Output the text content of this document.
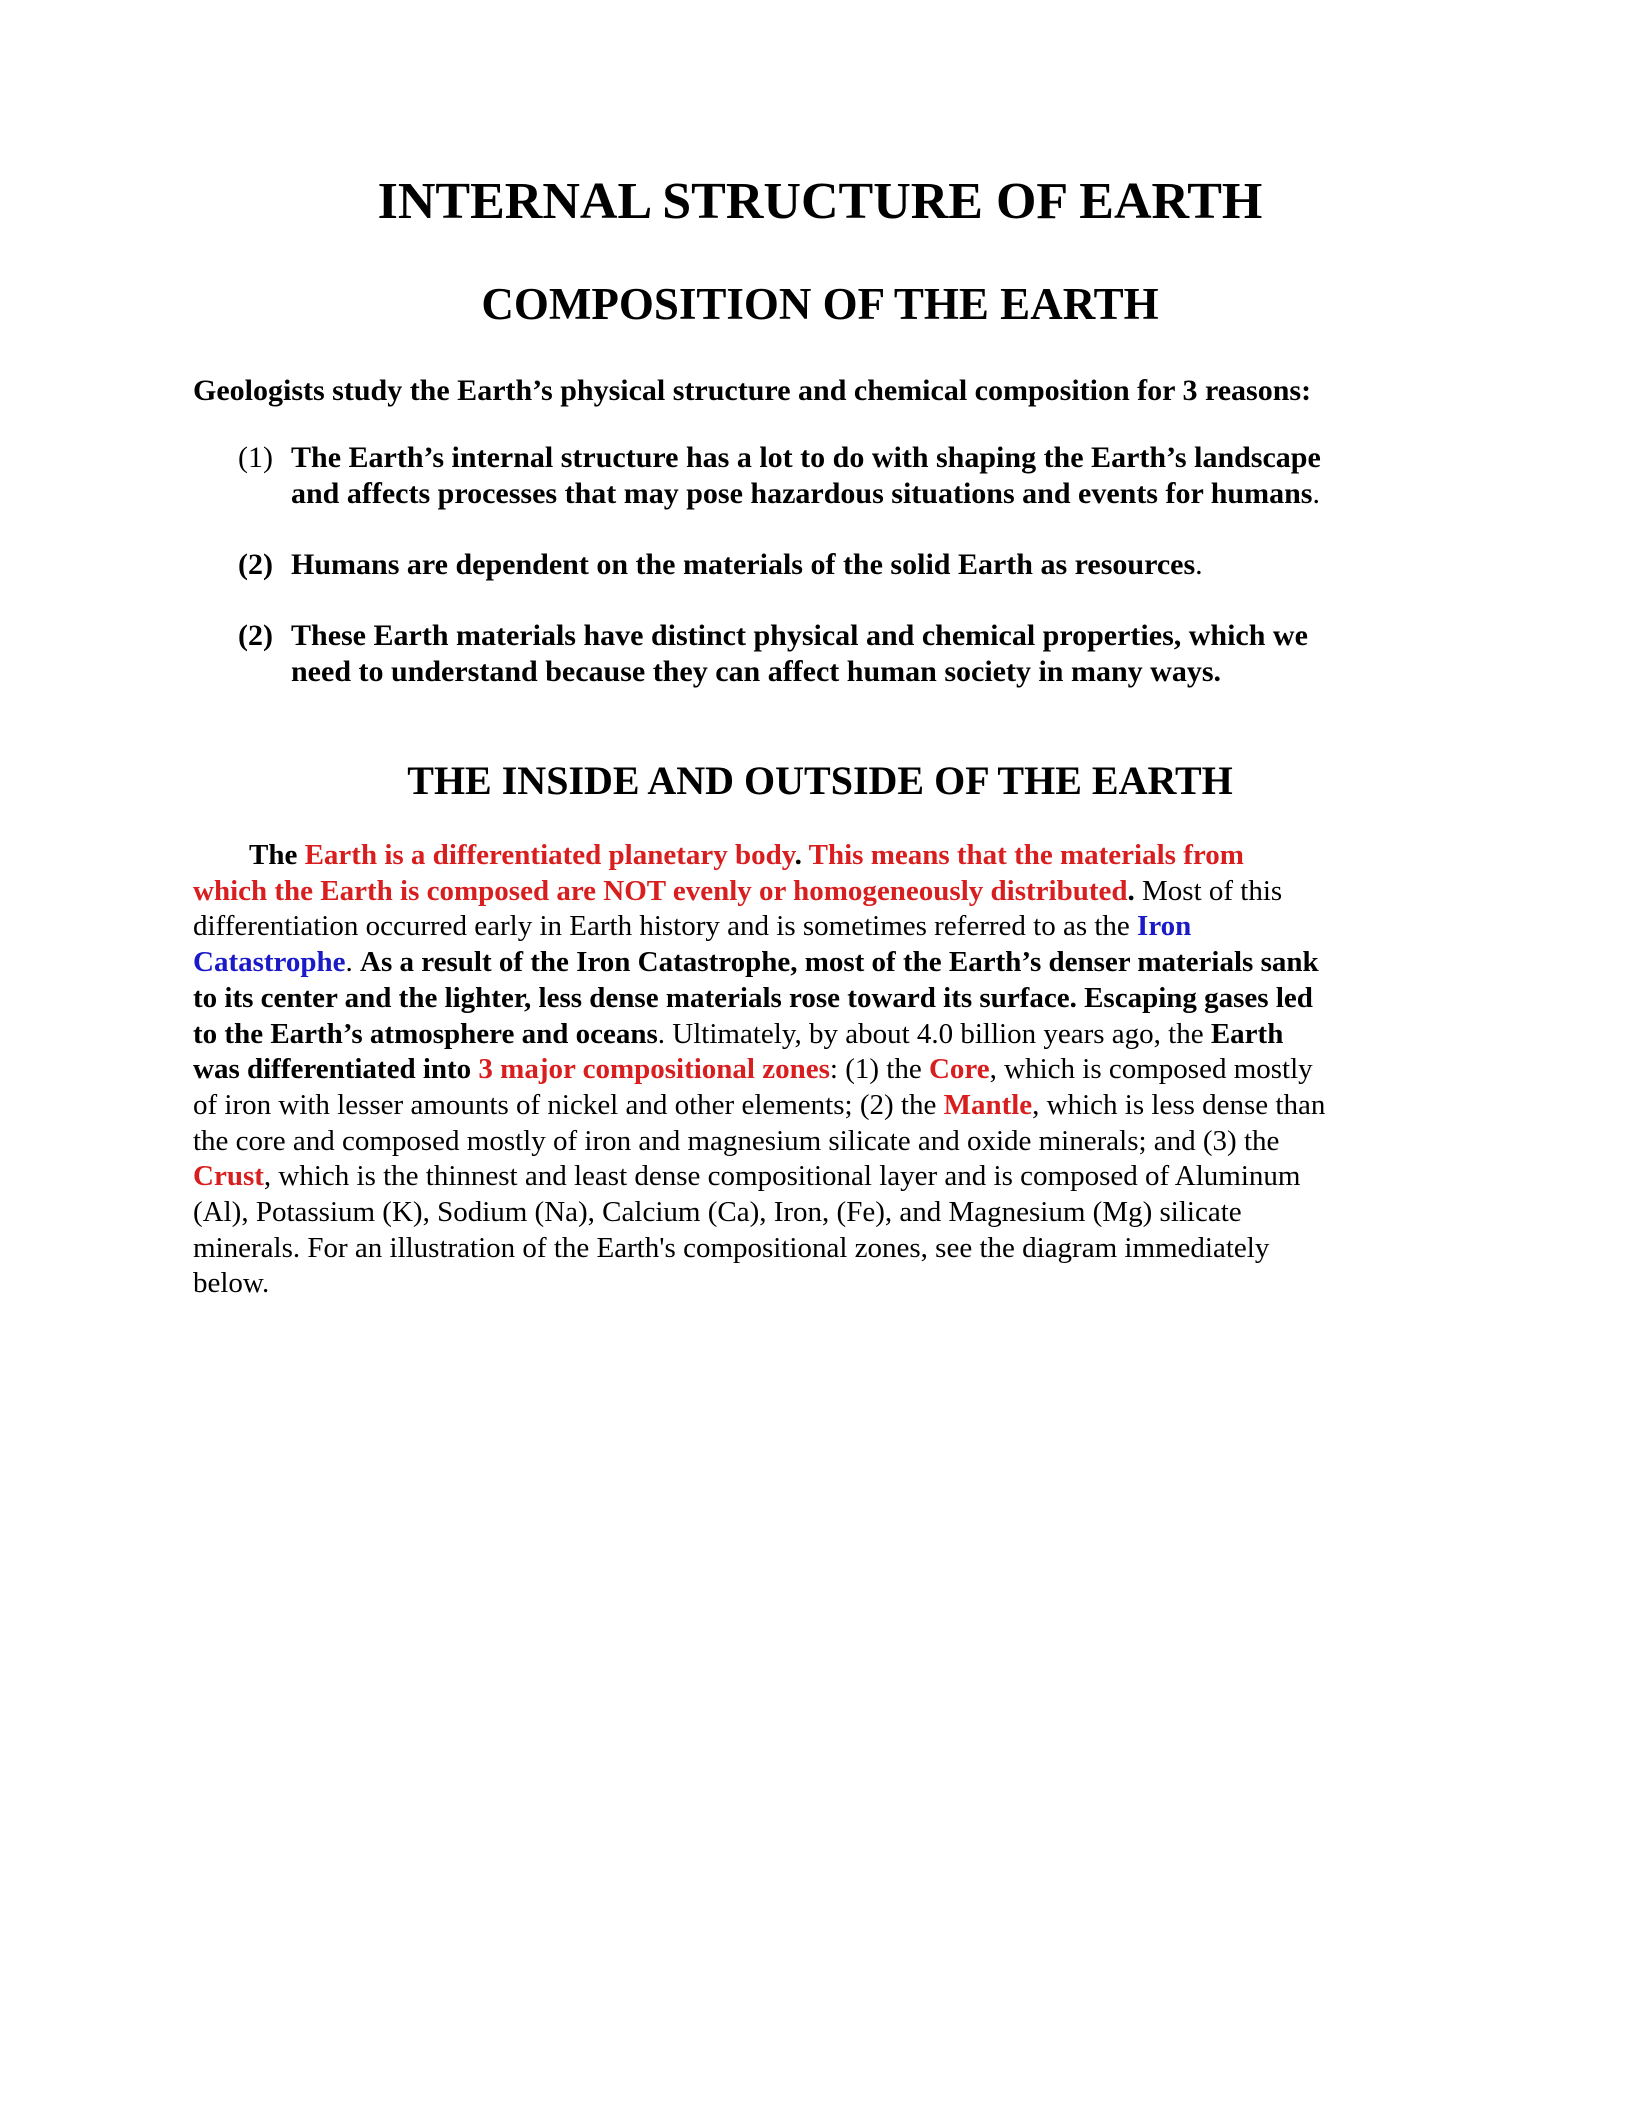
INTERNAL STRUCTURE OF EARTH
COMPOSITION OF THE EARTH

Geologists study the Earth’s physical structure and chemical composition for 3 reasons:

(1) The Earth’s internal structure has a lot to do with shaping the Earth’s landscape
and affects processes that may pose hazardous situations and events for humans.
(2) Humans are dependent on the materials of the solid Earth as resources.
(2) These Earth materials have distinct physical and chemical properties, which we
need to understand because they can affect human society in many ways.
THE INSIDE AND OUTSIDE OF THE EARTH

The Earth is a differentiated planetary body. This means that the materials from
which the Earth is composed are NOT evenly or homogeneously distributed. Most of this
differentiation occurred early in Earth history and is sometimes referred to as the Iron
Catastrophe. As a result of the Iron Catastrophe, most of the Earth’s denser materials sank
to its center and the lighter, less dense materials rose toward its surface. Escaping gases led
to the Earth’s atmosphere and oceans. Ultimately, by about 4.0 billion years ago, the Earth
was differentiated into 3 major compositional zones: (1) the Core, which is composed mostly
of iron with lesser amounts of nickel and other elements; (2) the Mantle, which is less dense than
the core and composed mostly of iron and magnesium silicate and oxide minerals; and (3) the
Crust, which is the thinnest and least dense compositional layer and is composed of Aluminum
(Al), Potassium (K), Sodium (Na), Calcium (Ca), Iron, (Fe), and Magnesium (Mg) silicate
minerals. For an illustration of the Earth's compositional zones, see the diagram immediately
below.
